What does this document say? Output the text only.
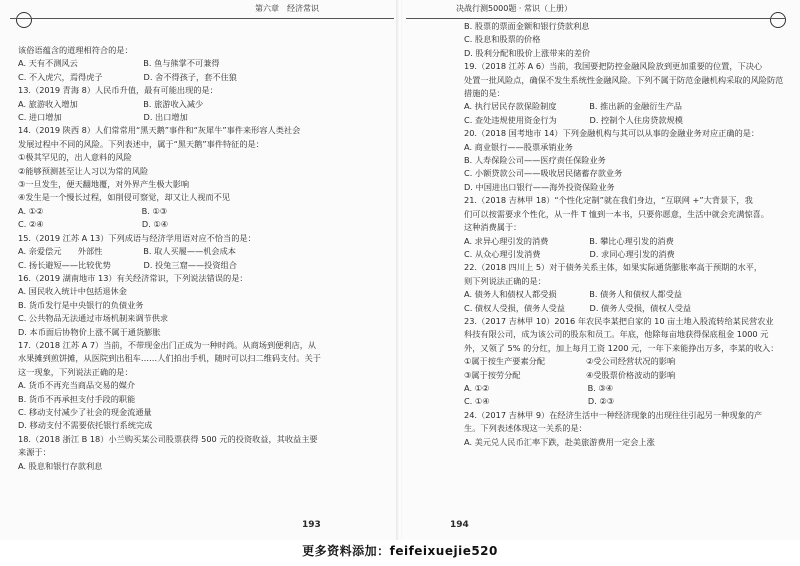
第六章　经济常识

该俗语蕴含的道理相符合的是：

A. 天有不测风云　　　　　　　　B. 鱼与熊掌不可兼得

C. 不入虎穴，焉得虎子　　　　　D. 舍不得孩子，套不住狼

13.（2019 青海 8）人民币升值，最有可能出现的是：

A. 旅游收入增加　　　　　　　　B. 旅游收入减少

C. 进口增加　　　　　　　　　　D. 出口增加

14.（2019 陕西 8）人们常常用“黑天鹅”事件和“灰犀牛”事件来形容人类社会

发展过程中不同的风险。下列表述中，属于“黑天鹅”事件特征的是：

①极其罕见的，出人意料的风险

②能够预测甚至让人习以为常的风险

③一旦发生，便天翻地覆，对外界产生极大影响

④发生是一个慢长过程，如削侵可察觉，却又让人视而不见

A. ①②　　　　　　　　　　　　B. ①③

C. ②④　　　　　　　　　　　　D. ①④

15.（2019 江苏 A 13）下列成语与经济学用语对应不恰当的是：

A. 亲爱偿元　　外部性　　　　　B. 取人买履——机会成本

C. 扬长避短——比较优势　　　　D. 投兔三窟——投资组合

16.（2019 湖南地市 13）有关经济常识，下列说法错误的是：

A. 国民收入统计中包括退休金

B. 货币发行是中央银行的负债业务

C. 公共物品无法通过市场机制来调节供求

D. 本币面后协物价上涨不属于通货膨胀

17.（2018 江苏 A 7）当前，不带现金出门正成为一种时尚。从商场到便利店，从

水果摊到煎饼摊，从医院到出租车……人们拍出手机，随时可以扫二维码支付。关于

这一现象，下列说法正确的是：

A. 货币不再充当商品交易的媒介

B. 货币不再承担支付手段的职能

C. 移动支付减少了社会的现金流通量

D. 移动支付不需要依托银行系统完成

18.（2018 浙江 B 18）小兰购买某公司股票获得 500 元的投资收益，其收益主要

来源于：

A. 股息和银行存款利息

193
决战行测5000题 · 常识（上册）

B. 股票的票面金额和银行贷款利息

C. 股息和股票的价格

D. 股利分配和股价上涨带来的差价

19.（2018 江苏 A 6）当前，我国要把防控金融风险放到更加重要的位置，下决心

处置一批风险点，确保不发生系统性金融风险。下列不属于防范金融机构采取的风险防范

措施的是：

A. 执行居民存款保险制度　　　　B. 推出新的金融衍生产品

C. 查处违规使用资金行为　　　　D. 控制个人住房贷款规模

20.（2018 国考地市 14）下列金融机构与其可以从事的金融业务对应正确的是：

A. 商业银行——股票承销业务

B. 人寿保险公司——医疗责任保险业务

C. 小额贷款公司——吸收居民储蓄存款业务

D. 中国进出口银行——海外投资保险业务

21.（2018 吉林甲 18）“个性化定制”就在我们身边，“互联网 +”大背景下，我

们可以按需要求个性化，从一件 T 恤到一本书，只要你愿意，生活中就会充满惊喜。

这种消费属于：

A. 求异心理引发的消费　　　　　B. 攀比心理引发的消费

C. 从众心理引发消费　　　　　　D. 求同心理引发的消费

22.（2018 四川上 5）对于债务关系主体，如果实际通货膨胀率高于预期的水平，

则下列说法正确的是：

A. 债务人和债权人都受损　　　　B. 债务人和债权人都受益

C. 债权人受损，债务人受益　　　D. 债务人受损，债权人受益

23.（2017 吉林甲 10）2016 年农民李某把自家的 10 亩土地入股流转给某民营农业

科技有限公司，成为该公司的股东和员工。年底，他除每亩地获得保底租金 1000 元

外，又领了 5% 的分红，加上每月工资 1200 元，一年下来能挣出万多，李某的收入：

①属于按生产要素分配　　　　　②受公司经营状况的影响

③属于按劳分配　　　　　　　　④受股票价格波动的影响

A. ①②　　　　　　　　　　　　B. ③④

C. ①④　　　　　　　　　　　　D. ②③

24.（2017 吉林甲 9）在经济生活中一种经济现象的出现往往引起另一种现象的产

生。下列表述体现这一关系的是：

A. 美元兑人民币汇率下跌，赴美旅游费用一定会上涨

194
更多资料添加：feifeixuejie520
